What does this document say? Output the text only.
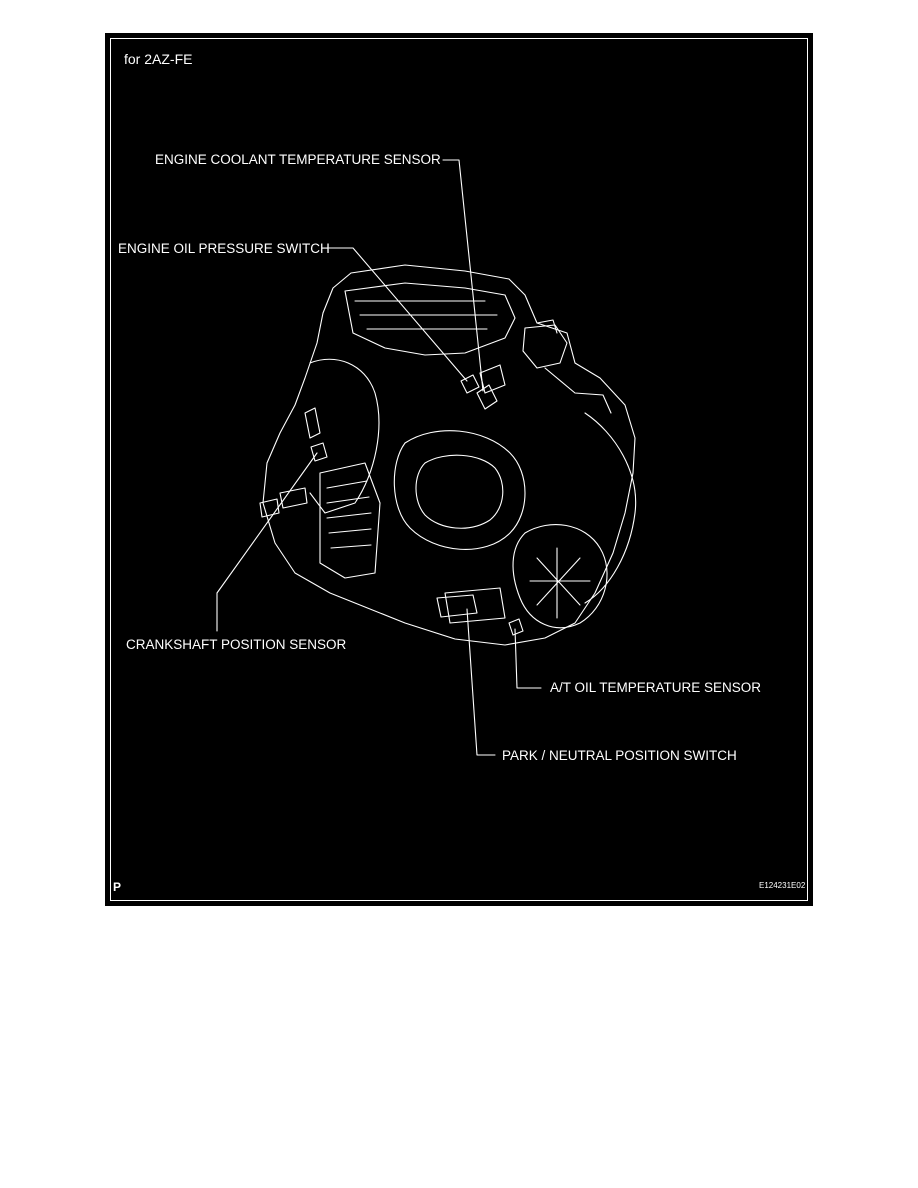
for 2AZ-FE
ENGINE COOLANT TEMPERATURE SENSOR
ENGINE OIL PRESSURE SWITCH
CRANKSHAFT POSITION SENSOR
A/T OIL TEMPERATURE SENSOR
PARK / NEUTRAL POSITION SWITCH
P	E124231E02
